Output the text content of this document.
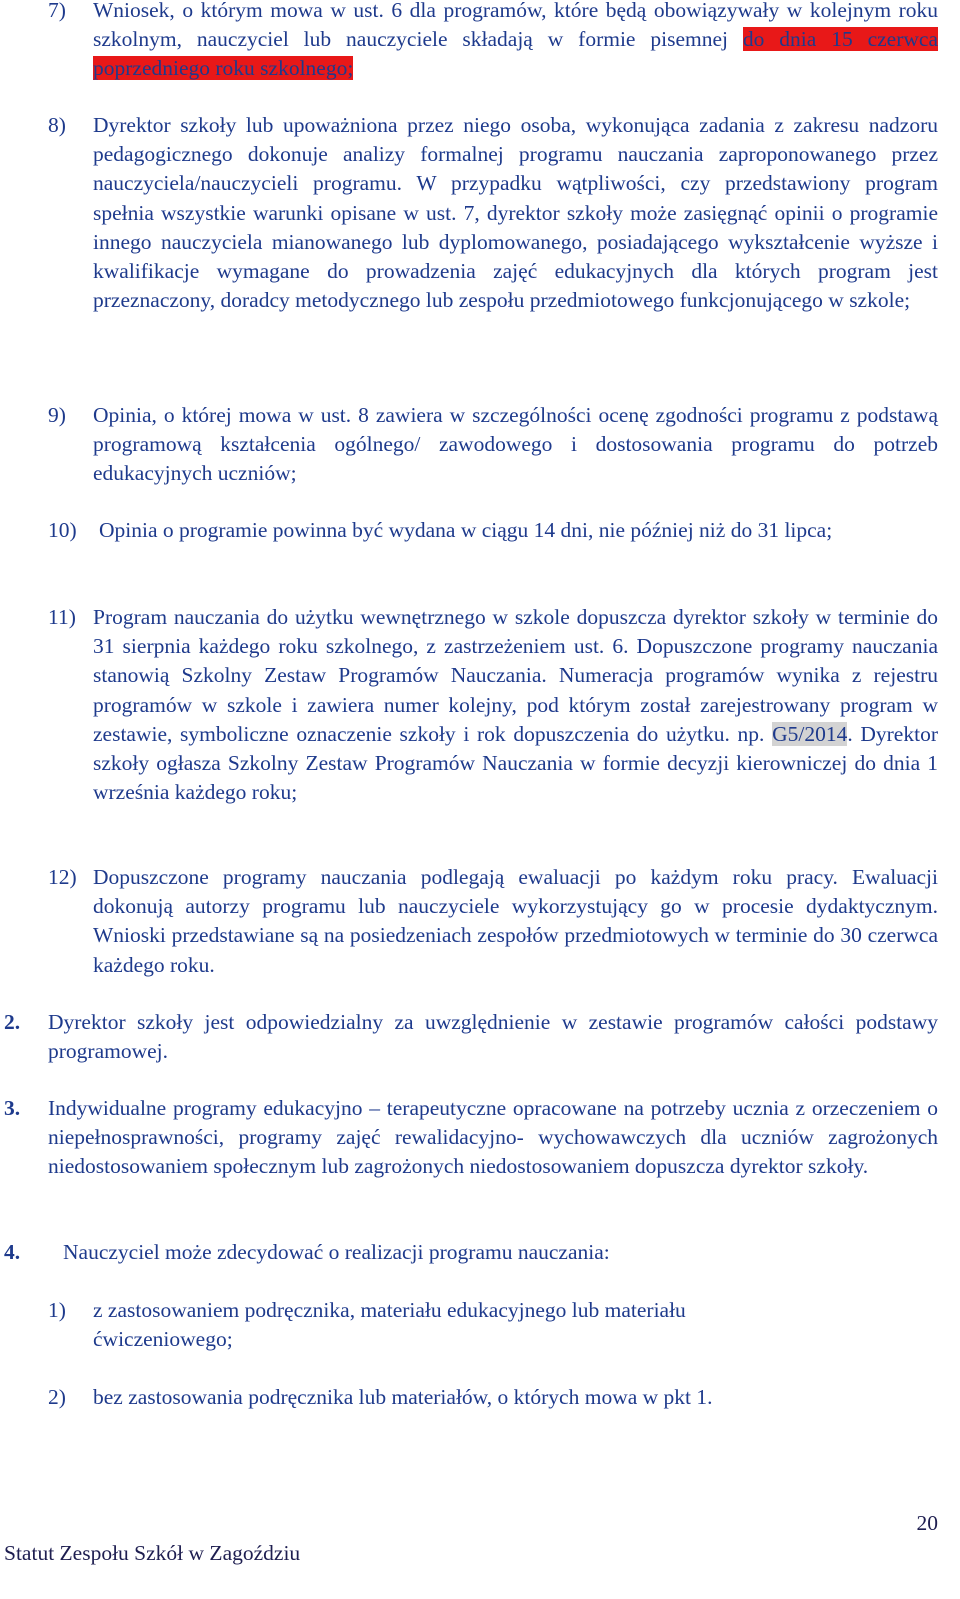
7) Wniosek, o którym mowa w ust. 6 dla programów, które będą obowiązywały w kolejnym roku szkolnym, nauczyciel lub nauczyciele składają w formie pisemnej do dnia 15 czerwca poprzedniego roku szkolnego;
8) Dyrektor szkoły lub upoważniona przez niego osoba, wykonująca zadania z zakresu nadzoru pedagogicznego dokonuje analizy formalnej programu nauczania zaproponowanego przez nauczyciela/nauczycieli programu. W przypadku wątpliwości, czy przedstawiony program spełnia wszystkie warunki opisane w ust. 7, dyrektor szkoły może zasięgnąć opinii o programie innego nauczyciela mianowanego lub dyplomowanego, posiadającego wykształcenie wyższe i kwalifikacje wymagane do prowadzenia zajęć edukacyjnych dla których program jest przeznaczony, doradcy metodycznego lub zespołu przedmiotowego funkcjonującego w szkole;
9) Opinia, o której mowa w ust. 8 zawiera w szczególności ocenę zgodności programu z podstawą programową kształcenia ogólnego/ zawodowego i dostosowania programu do potrzeb edukacyjnych uczniów;
10) Opinia o programie powinna być wydana w ciągu 14 dni, nie później niż do 31 lipca;
11) Program nauczania do użytku wewnętrznego w szkole dopuszcza dyrektor szkoły w terminie do 31 sierpnia każdego roku szkolnego, z zastrzeżeniem ust. 6. Dopuszczone programy nauczania stanowią Szkolny Zestaw Programów Nauczania. Numeracja programów wynika z rejestru programów w szkole i zawiera numer kolejny, pod którym został zarejestrowany program w zestawie, symboliczne oznaczenie szkoły i rok dopuszczenia do użytku. np. G5/2014. Dyrektor szkoły ogłasza Szkolny Zestaw Programów Nauczania w formie decyzji kierowniczej do dnia 1 września każdego roku;
12) Dopuszczone programy nauczania podlegają ewaluacji po każdym roku pracy. Ewaluacji dokonują autorzy programu lub nauczyciele wykorzystujący go w procesie dydaktycznym. Wnioski przedstawiane są na posiedzeniach zespołów przedmiotowych w terminie do 30 czerwca każdego roku.
2. Dyrektor szkoły jest odpowiedzialny za uwzględnienie w zestawie programów całości podstawy programowej.
3. Indywidualne programy edukacyjno – terapeutyczne opracowane na potrzeby ucznia z orzeczeniem o niepełnosprawności, programy zajęć rewalidacyjno- wychowawczych dla uczniów zagrożonych niedostosowaniem społecznym lub zagrożonych niedostosowaniem dopuszcza dyrektor szkoły.
4. Nauczyciel może zdecydować o realizacji programu nauczania:
1) z zastosowaniem podręcznika, materiału edukacyjnego lub materiału
ćwiczeniowego;
2) bez zastosowania podręcznika lub materiałów, o których mowa w pkt 1.
20
Statut Zespołu Szkół w Zagoździu
